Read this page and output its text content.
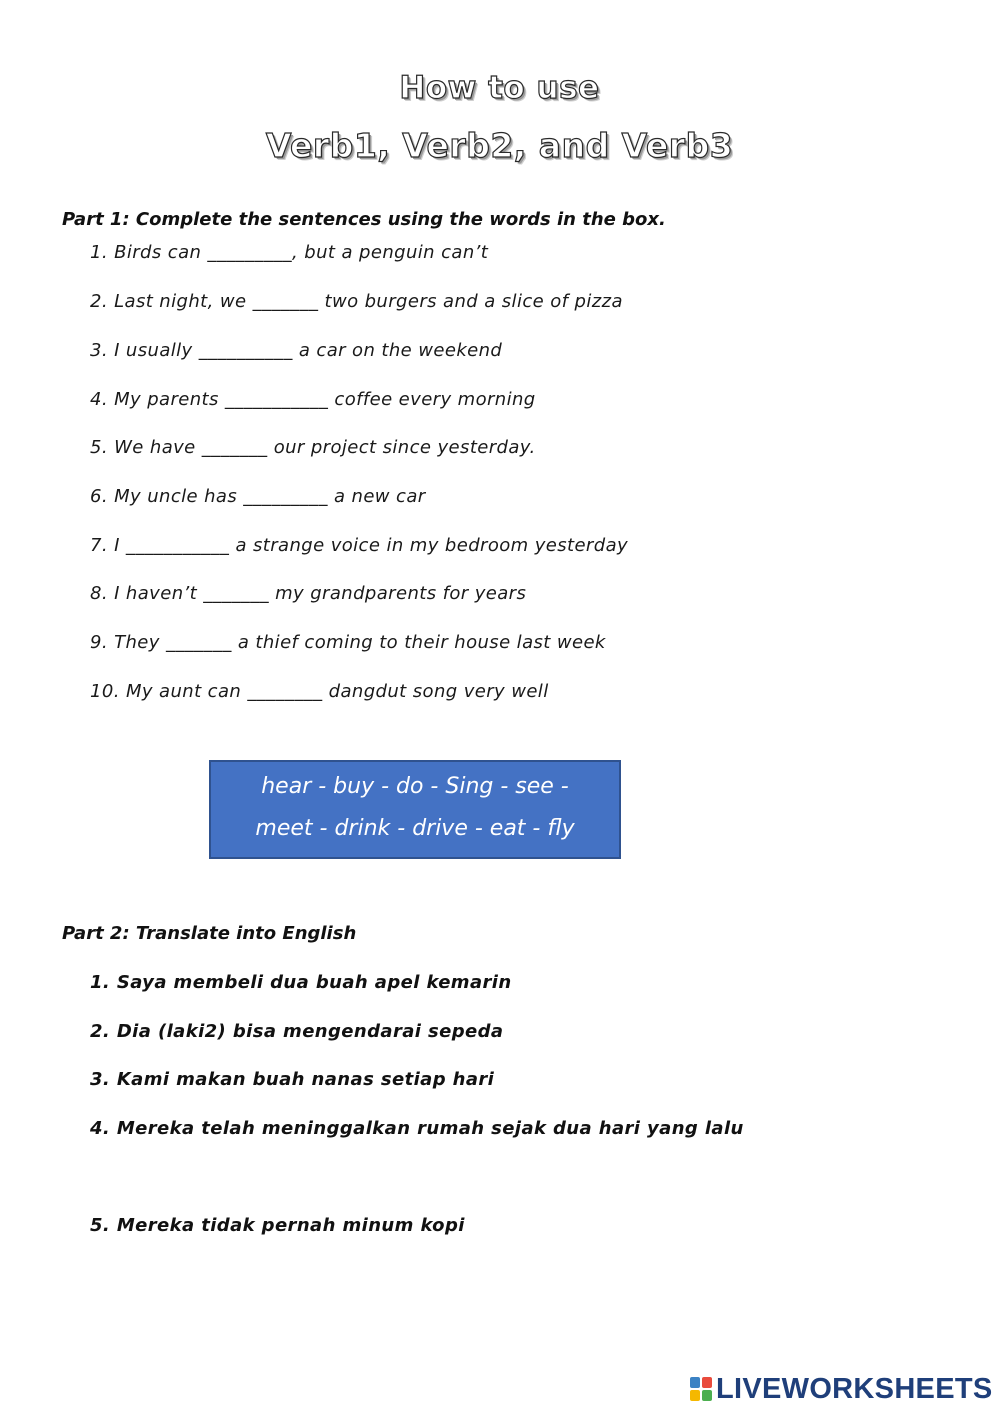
How to use
Verb1, Verb2, and Verb3
Part 1: Complete the sentences using the words in the box.
1. Birds can _________, but a penguin can’t
2. Last night, we _______ two burgers and a slice of pizza
3. I usually __________ a car on the weekend
4. My parents ___________ coffee every morning
5. We have _______ our project since yesterday.
6. My uncle has _________ a new car
7. I ___________ a strange voice in my bedroom yesterday
8. I haven’t _______ my grandparents for years
9. They _______ a thief coming to their house last week
10. My aunt can ________ dangdut song very well
hear - buy - do - Sing - see -
meet - drink - drive - eat - fly
Part 2: Translate into English
1. Saya membeli dua buah apel kemarin
2. Dia (laki2) bisa mengendarai sepeda
3. Kami makan buah nanas setiap hari
4. Mereka telah meninggalkan rumah sejak dua hari yang lalu
5. Mereka tidak pernah minum kopi
LIVEWORKSHEETS
